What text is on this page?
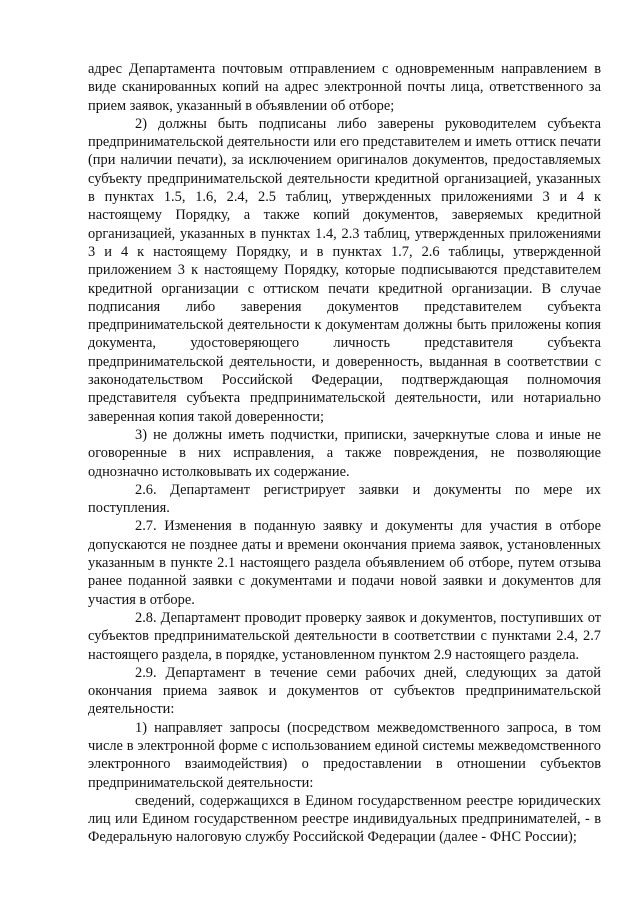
адрес Департамента почтовым отправлением с одновременным направлением в виде сканированных копий на адрес электронной почты лица, ответственного за прием заявок, указанный в объявлении об отборе;

2) должны быть подписаны либо заверены руководителем субъекта предпринимательской деятельности или его представителем и иметь оттиск печати (при наличии печати), за исключением оригиналов документов, предоставляемых субъекту предпринимательской деятельности кредитной организацией, указанных в пунктах 1.5, 1.6, 2.4, 2.5 таблиц, утвержденных приложениями 3 и 4 к настоящему Порядку, а также копий документов, заверяемых кредитной организацией, указанных в пунктах 1.4, 2.3 таблиц, утвержденных приложениями 3 и 4 к настоящему Порядку, и в пунктах 1.7, 2.6 таблицы, утвержденной приложением 3 к настоящему Порядку, которые подписываются представителем кредитной организации с оттиском печати кредитной организации. В случае подписания либо заверения документов представителем субъекта предпринимательской деятельности к документам должны быть приложены копия документа, удостоверяющего личность представителя субъекта предпринимательской деятельности, и доверенность, выданная в соответствии с законодательством Российской Федерации, подтверждающая полномочия представителя субъекта предпринимательской деятельности, или нотариально заверенная копия такой доверенности;

3) не должны иметь подчистки, приписки, зачеркнутые слова и иные не оговоренные в них исправления, а также повреждения, не позволяющие однозначно истолковывать их содержание.

2.6. Департамент регистрирует заявки и документы по мере их поступления.

2.7. Изменения в поданную заявку и документы для участия в отборе допускаются не позднее даты и времени окончания приема заявок, установленных указанным в пункте 2.1 настоящего раздела объявлением об отборе, путем отзыва ранее поданной заявки с документами и подачи новой заявки и документов для участия в отборе.

2.8. Департамент проводит проверку заявок и документов, поступивших от субъектов предпринимательской деятельности в соответствии с пунктами 2.4, 2.7 настоящего раздела, в порядке, установленном пунктом 2.9 настоящего раздела.

2.9. Департамент в течение семи рабочих дней, следующих за датой окончания приема заявок и документов от субъектов предпринимательской деятельности:

1) направляет запросы (посредством межведомственного запроса, в том числе в электронной форме с использованием единой системы межведомственного электронного взаимодействия) о предоставлении в отношении субъектов предпринимательской деятельности:

сведений, содержащихся в Едином государственном реестре юридических лиц или Едином государственном реестре индивидуальных предпринимателей, - в Федеральную налоговую службу Российской Федерации (далее - ФНС России);
